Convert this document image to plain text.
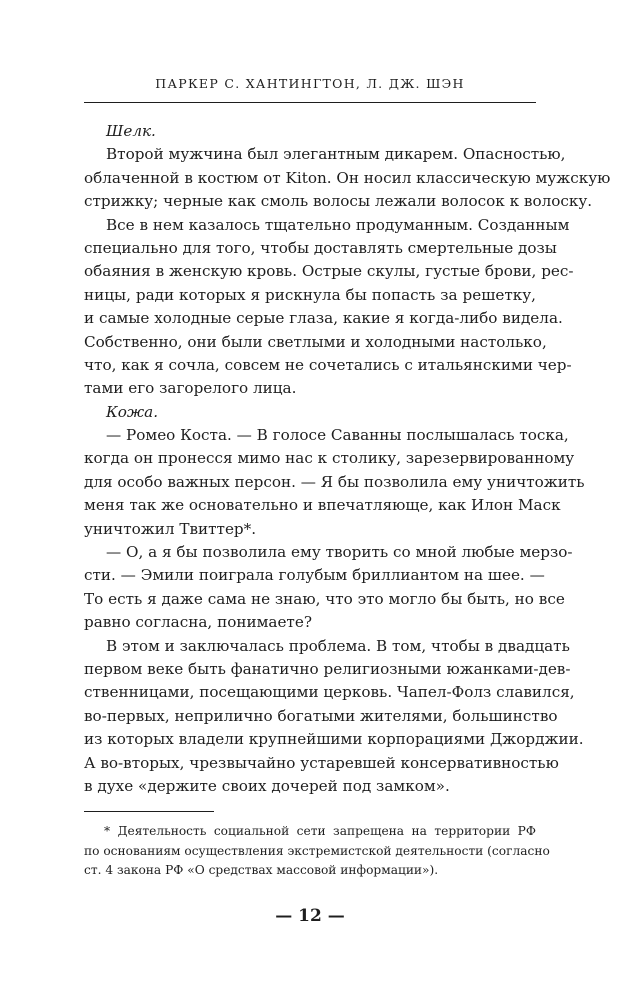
ПАРКЕР С. ХАНТИНГТОН, Л. ДЖ. ШЭН
Шелк.
Второй мужчина был элегантным дикарем. Опасностью,
облаченной в костюм от Kiton. Он носил классическую мужскую
стрижку; черные как смоль волосы лежали волосок к волоску.
Все в нем казалось тщательно продуманным. Созданным
специально для того, чтобы доставлять смертельные дозы
обаяния в женскую кровь. Острые скулы, густые брови, рес-
ницы, ради которых я рискнула бы попасть за решетку,
и самые холодные серые глаза, какие я когда-либо видела.
Собственно, они были светлыми и холодными настолько,
что, как я сочла, совсем не сочетались с итальянскими чер-
тами его загорелого лица.
Кожа.
— Ромео Коста. — В голосе Саванны послышалась тоска,
когда он пронесся мимо нас к столику, зарезервированному
для особо важных персон. — Я бы позволила ему уничтожить
меня так же основательно и впечатляюще, как Илон Маск
уничтожил Твиттер*.
— О, а я бы позволила ему творить со мной любые мерзо-
сти. — Эмили поиграла голубым бриллиантом на шее. —
То есть я даже сама не знаю, что это могло бы быть, но все
равно согласна, понимаете?
В этом и заключалась проблема. В том, чтобы в двадцать
первом веке быть фанатично религиозными южанками-дев-
ственницами, посещающими церковь. Чапел-Фолз славился,
во-первых, неприлично богатыми жителями, большинство
из которых владели крупнейшими корпорациями Джорджии.
А во-вторых, чрезвычайно устаревшей консервативностью
в духе «держите своих дочерей под замком».
* Деятельность социальной сети запрещена на территории РФ
по основаниям осуществления экстремистской деятельности (согласно
ст. 4 закона РФ «О средствах массовой информации»).
— 12 —
